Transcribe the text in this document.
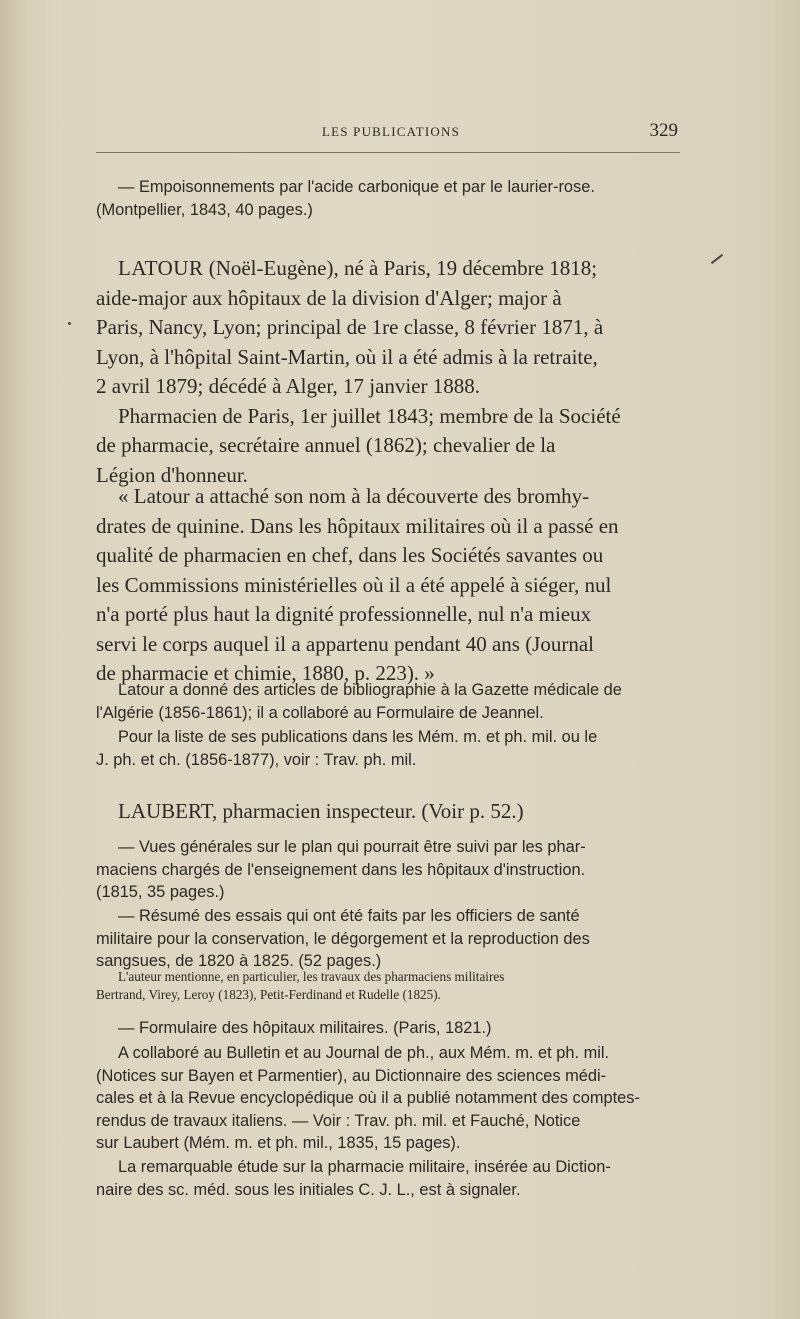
LES PUBLICATIONS	329
— Empoisonnements par l'acide carbonique et par le laurier-rose.
(Montpellier, 1843, 40 pages.)
LATOUR (Noël-Eugène), né à Paris, 19 décembre 1818;
aide-major aux hôpitaux de la division d'Alger; major à
Paris, Nancy, Lyon; principal de 1re classe, 8 février 1871, à
Lyon, à l'hôpital Saint-Martin, où il a été admis à la retraite,
2 avril 1879; décédé à Alger, 17 janvier 1888.
Pharmacien de Paris, 1er juillet 1843; membre de la Société
de pharmacie, secrétaire annuel (1862); chevalier de la
Légion d'honneur.
« Latour a attaché son nom à la découverte des bromhy-
drates de quinine. Dans les hôpitaux militaires où il a passé en
qualité de pharmacien en chef, dans les Sociétés savantes ou
les Commissions ministérielles où il a été appelé à siéger, nul
n'a porté plus haut la dignité professionnelle, nul n'a mieux
servi le corps auquel il a appartenu pendant 40 ans (Journal
de pharmacie et chimie, 1880, p. 223). »
Latour a donné des articles de bibliographie à la Gazette médicale de
l'Algérie (1856-1861); il a collaboré au Formulaire de Jeannel.
Pour la liste de ses publications dans les Mém. m. et ph. mil. ou le
J. ph. et ch. (1856-1877), voir : Trav. ph. mil.
LAUBERT, pharmacien inspecteur. (Voir p. 52.)
— Vues générales sur le plan qui pourrait être suivi par les phar-
maciens chargés de l'enseignement dans les hôpitaux d'instruction.
(1815, 35 pages.)
— Résumé des essais qui ont été faits par les officiers de santé
militaire pour la conservation, le dégorgement et la reproduction des
sangsues, de 1820 à 1825. (52 pages.)
L'auteur mentionne, en particulier, les travaux des pharmaciens militaires
Bertrand, Virey, Leroy (1823), Petit-Ferdinand et Rudelle (1825).
— Formulaire des hôpitaux militaires. (Paris, 1821.)
A collaboré au Bulletin et au Journal de ph., aux Mém. m. et ph. mil.
(Notices sur Bayen et Parmentier), au Dictionnaire des sciences médi-
cales et à la Revue encyclopédique où il a publié notamment des comptes-
rendus de travaux italiens. — Voir : Trav. ph. mil. et Fauché, Notice
sur Laubert (Mém. m. et ph. mil., 1835, 15 pages).
La remarquable étude sur la pharmacie militaire, insérée au Diction-
naire des sc. méd. sous les initiales C. J. L., est à signaler.
